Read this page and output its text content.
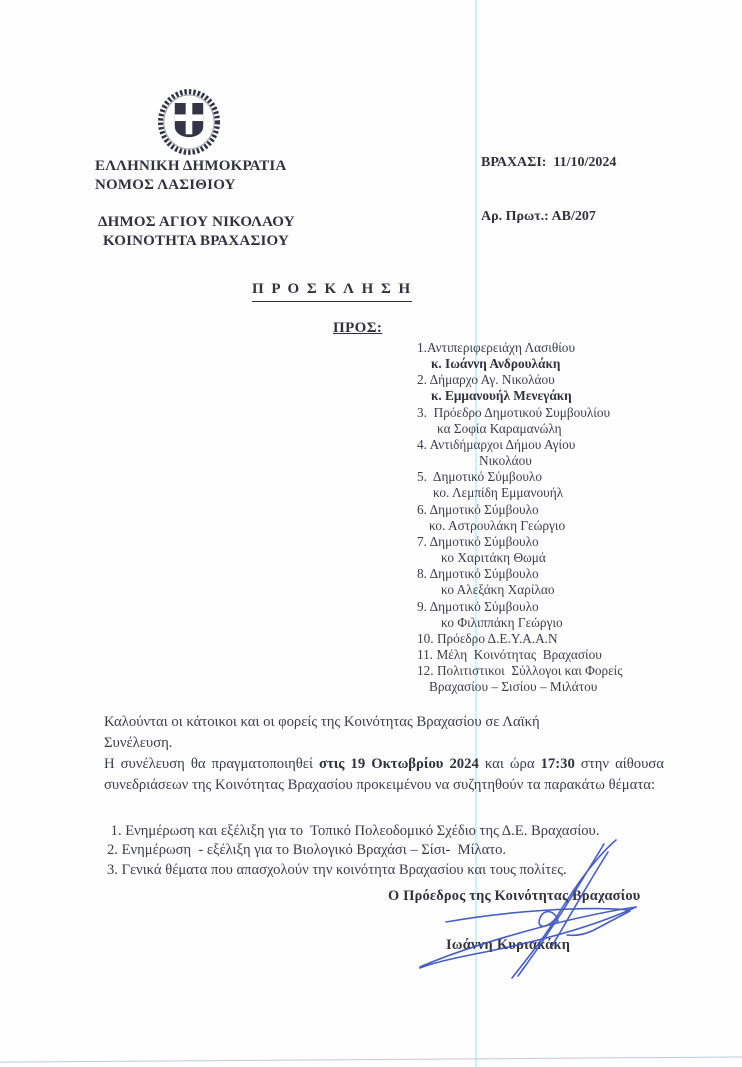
ΕΛΛΗΝΙΚΗ ΔΗΜΟΚΡΑΤΙΑ
ΝΟΜΟΣ ΛΑΣΙΘΙΟΥ
ΔΗΜΟΣ ΑΓΙΟΥ ΝΙΚΟΛΑΟΥ
ΚΟΙΝΟΤΗΤΑ ΒΡΑΧΑΣΙΟΥ
ΒΡΑΧΑΣΙ:  11/10/2024
Αρ. Πρωτ.: ΑΒ/207
Π Ρ Ο Σ Κ Λ Η Σ Η
ΠΡΟΣ:
1.Αντιπεριφερειάχη Λασιθίου
κ. Ιωάννη Ανδρουλάκη
2. Δήμαρχο Αγ. Νικολάου
κ. Εμμανουήλ Μενεγάκη
3.  Πρόεδρο Δημοτικού Συμβουλίου
κα Σοφία Καραμανώλη
4. Αντιδήμαρχοι Δήμου Αγίου
Νικολάου
5.  Δημοτικό Σύμβουλο
κο. Λεμπίδη Εμμανουήλ
6. Δημοτικό Σύμβουλο
κο. Αστρουλάκη Γεώργιο
7. Δημοτικό Σύμβουλο
κο Χαριτάκη Θωμά
8. Δημοτικό Σύμβουλο
κο Αλεξάκη Χαρίλαο
9. Δημοτικό Σύμβουλο
κο Φιλιππάκη Γεώργιο
10. Πρόεδρο Δ.Ε.Υ.Α.Α.Ν
11. Μέλη  Κοινότητας  Βραχασίου
12. Πολιτιστικοι  Σύλλογοι και Φορείς
Βραχασίου – Σισίου – Μιλάτου
Καλούνται οι κάτοικοι και οι φορείς της Κοινότητας Βραχασίου σε Λαϊκή
Συνέλευση.
Η συνέλευση θα πραγματοποιηθεί στις 19 Οκτωβρίου 2024 και ώρα 17:30 στην αίθουσα συνεδριάσεων της Κοινότητας Βραχασίου προκειμένου να συζητηθούν τα παρακάτω θέματα:
1. Ενημέρωση και εξέλιξη για το  Τοπικό Πολεοδομικό Σχέδιο της Δ.Ε. Βραχασίου.
2. Ενημέρωση  - εξέλιξη για το Βιολογικό Βραχάσι – Σίσι-  Μίλατο.
3. Γενικά θέματα που απασχολούν την κοινότητα Βραχασίου και τους πολίτες.
Ο Πρόεδρος της Κοινότητας Βραχασίου
Ιωάννη Κυριακάκη
